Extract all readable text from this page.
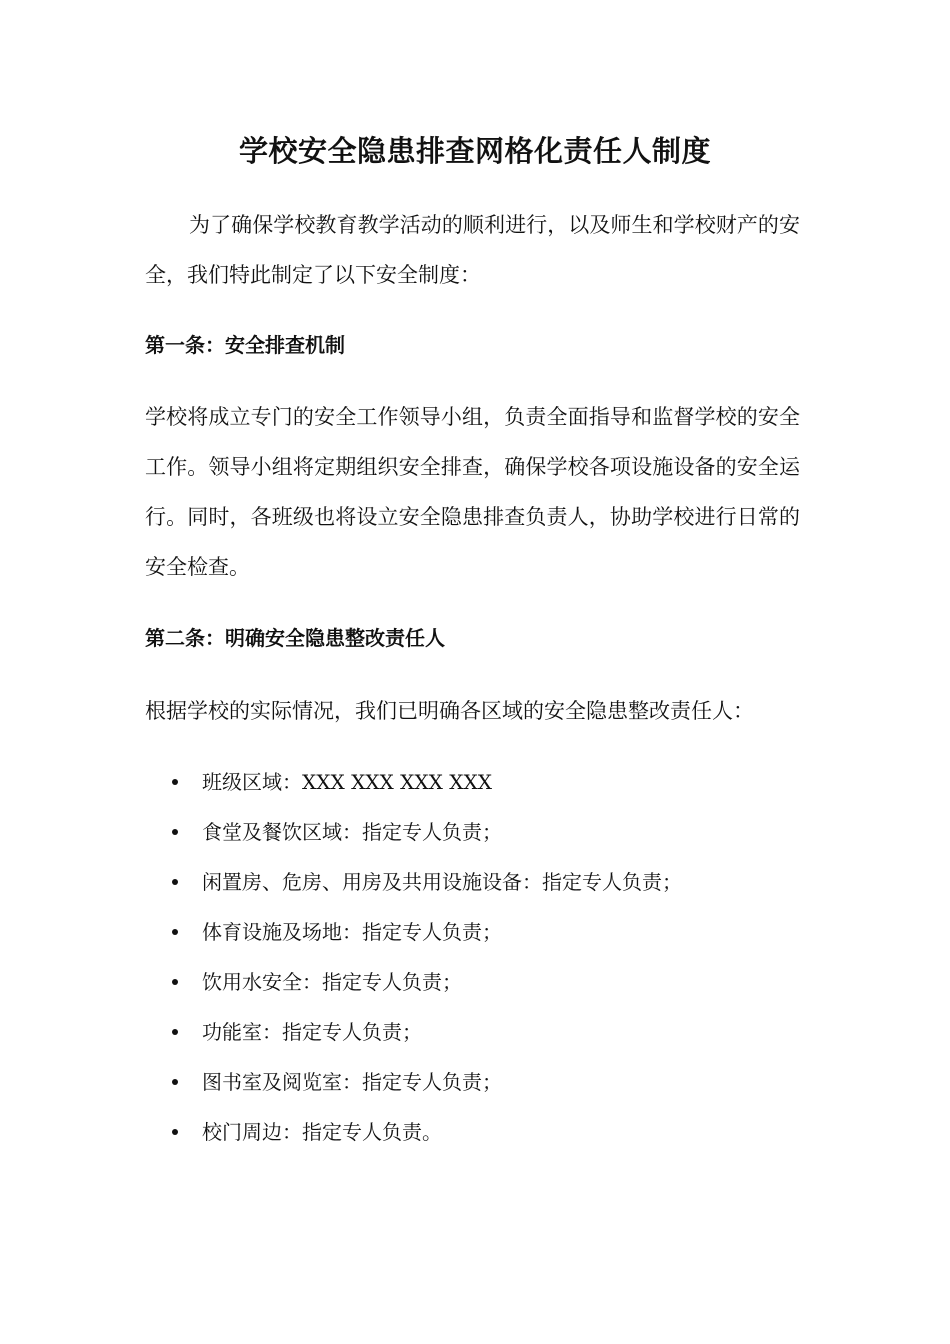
学校安全隐患排查网格化责任人制度

为了确保学校教育教学活动的顺利进行，以及师生和学校财产的安全，我们特此制定了以下安全制度：

第一条：安全排查机制

学校将成立专门的安全工作领导小组，负责全面指导和监督学校的安全工作。领导小组将定期组织安全排查，确保学校各项设施设备的安全运行。同时，各班级也将设立安全隐患排查负责人，协助学校进行日常的安全检查。

第二条：明确安全隐患整改责任人

根据学校的实际情况，我们已明确各区域的安全隐患整改责任人：

班级区域：XXX XXX XXX XXX
食堂及餐饮区域：指定专人负责；
闲置房、危房、用房及共用设施设备：指定专人负责；
体育设施及场地：指定专人负责；
饮用水安全：指定专人负责；
功能室：指定专人负责；
图书室及阅览室：指定专人负责；
校门周边：指定专人负责。
